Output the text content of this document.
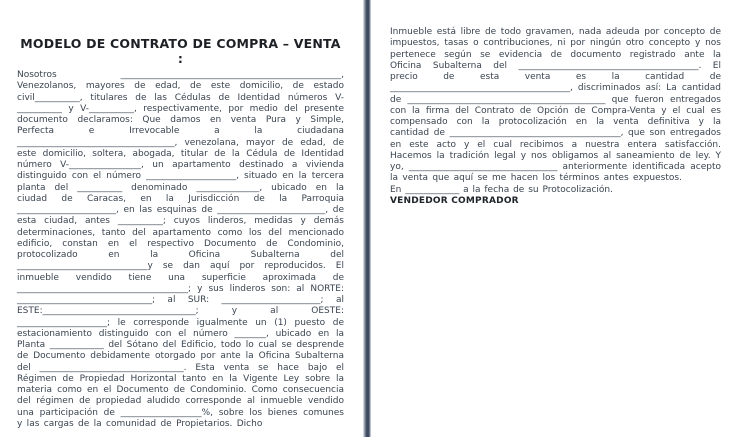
MODELO DE CONTRATO DE COMPRA – VENTA :

Nosotros _________________________________________________, Venezolanos, mayores de edad, de este domicilio, de estado civil__________, titulares de las Cédulas de Identidad números V-__________ y V-__________, respectivamente, por medio del presente documento declaramos: Que damos en venta Pura y Simple, Perfecta e Irrevocable a la ciudadana ___________________________________, venezolana, mayor de edad, de este domicilio, soltera, abogada, titular de la Cédula de Identidad número V-________________, un apartamento destinado a vivienda distinguido con el número ____________________, situado en la tercera planta del __________ denominado ______________, ubicado en la ciudad de Caracas, en la Jurisdicción de la Parroquia ______________________, en las esquinas de ________________________, de esta ciudad, antes __________; cuyos linderos, medidas y demás determinaciones, tanto del apartamento como los del mencionado edificio, constan en el respectivo Documento de Condominio, protocolizado en la Oficina Subalterna del _____________________________y se dan aquí por reproducidos. El inmueble vendido tiene una superficie aproximada de ______________________________________; y sus linderos son: al NORTE: ______________________________; al SUR: ______________________; al ESTE:__________________________________; y al OESTE: ____________________; le corresponde igualmente un (1) puesto de estacionamiento distinguido con el número _______, ubicado en la Planta ____________ del Sótano del Edificio, todo lo cual se desprende de Documento debidamente otorgado por ante la Oficina Subalterna del ________________________________. Esta venta se hace bajo el Régimen de Propiedad Horizontal tanto en la Vigente Ley sobre la materia como en el Documento de Condominio. Como consecuencia del régimen de propiedad aludido corresponde al inmueble vendido una participación de __________________%, sobre los bienes comunes y las cargas de la comunidad de Propietarios. Dicho

Inmueble está libre de todo gravamen, nada adeuda por concepto de impuestos, tasas o contribuciones, ni por ningún otro concepto y nos pertenece según se evidencia de documento registrado ante la Oficina Subalterna del ________________________________________. El precio de esta venta es la cantidad de ________________________________________, discriminados así: La cantidad de ____________________________________________ que fueron entregados con la firma del Contrato de Opción de Compra-Venta y el cual es compensado con la protocolización en la venta definitiva y la cantidad de ______________________________________, que son entregados en este acto y el cual recibimos a nuestra entera satisfacción. Hacemos la tradición legal y nos obligamos al saneamiento de ley. Y yo, _________________________________ anteriormente identificada acepto la venta que aquí se me hacen los términos antes expuestos.

En ____________ a la fecha de su Protocolización.

VENDEDOR COMPRADOR
